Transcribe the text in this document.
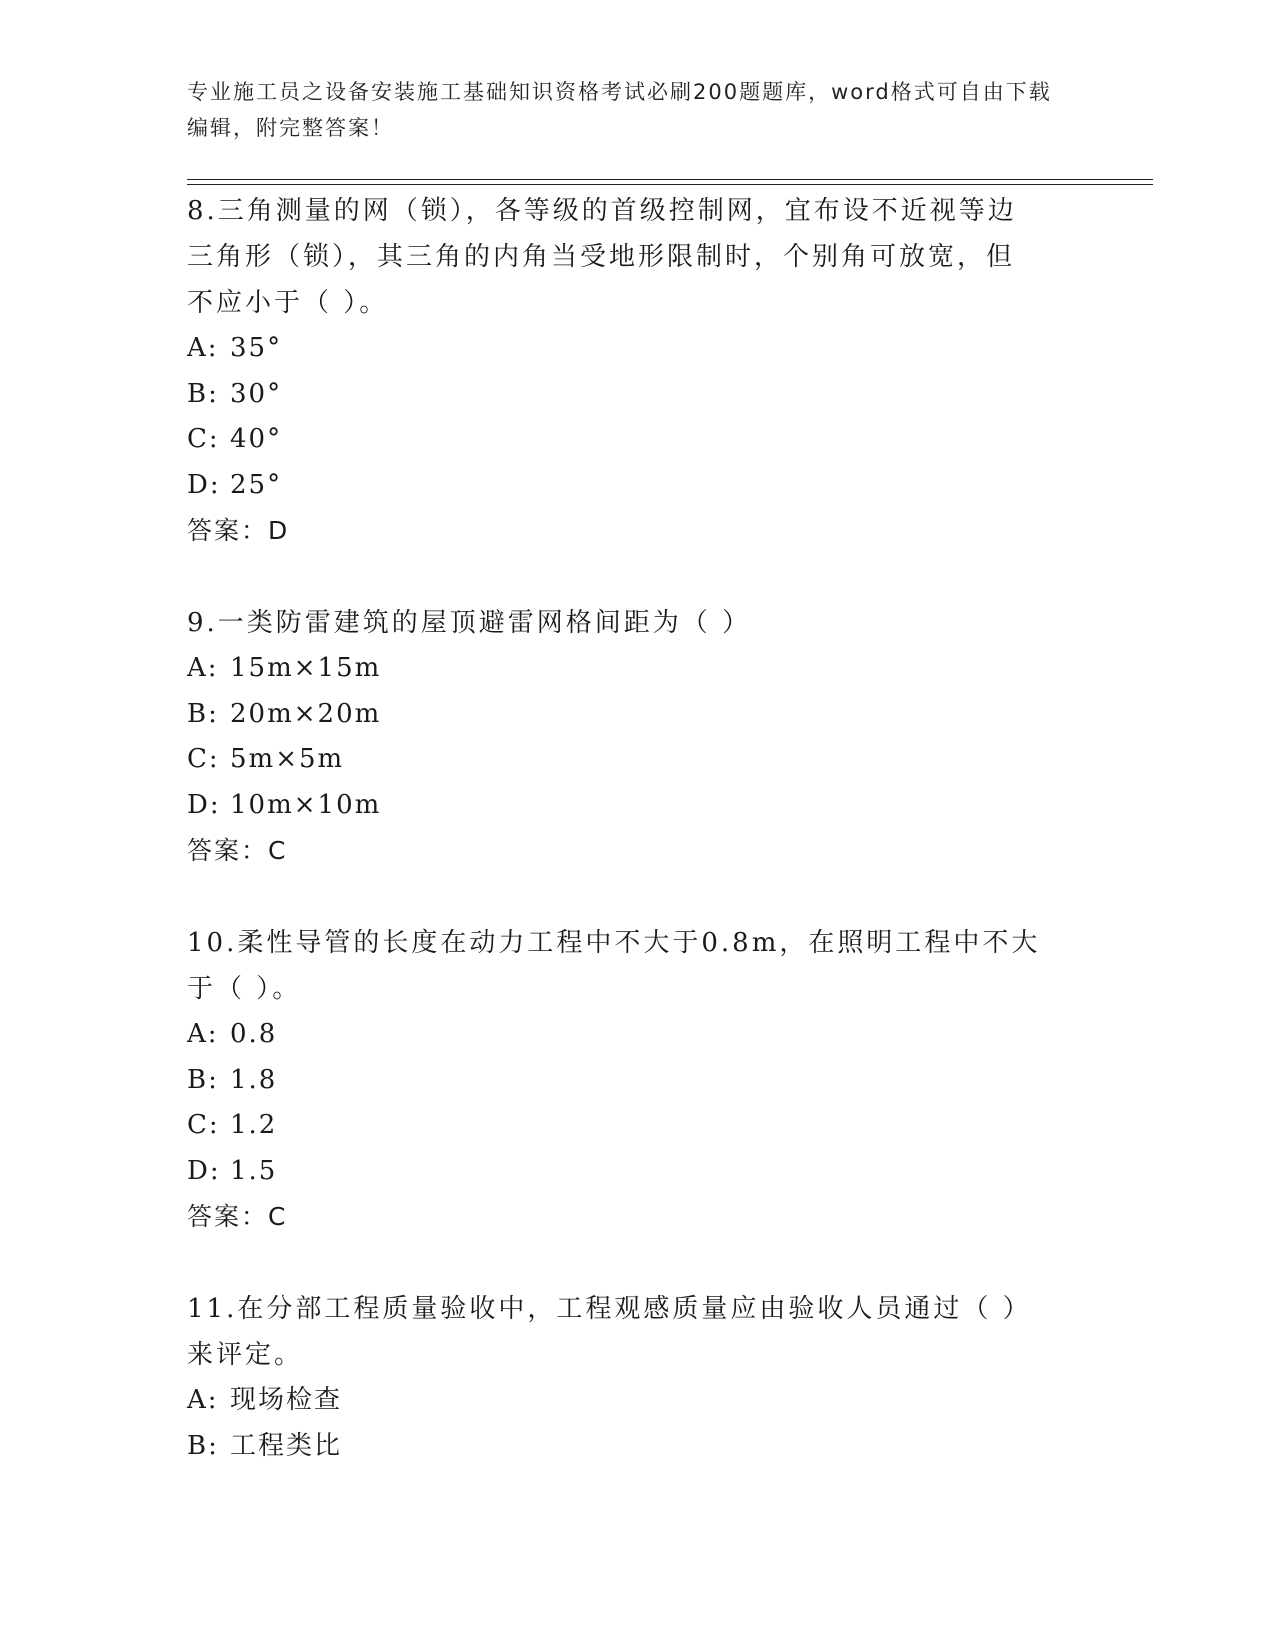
专业施工员之设备安装施工基础知识资格考试必刷200题题库，word格式可自由下载编辑，附完整答案！

8.三角测量的网（锁），各等级的首级控制网，宜布设不近视等边三角形（锁），其三角的内角当受地形限制时，个别角可放宽，但不应小于（ ）。

A: 35°

B: 30°

C: 40°

D: 25°

答案：D

9.一类防雷建筑的屋顶避雷网格间距为（ ）

A: 15m×15m

B: 20m×20m

C: 5m×5m

D: 10m×10m

答案：C

10.柔性导管的长度在动力工程中不大于0.8m，在照明工程中不大于（ ）。

A: 0.8

B: 1.8

C: 1.2

D: 1.5

答案：C

11.在分部工程质量验收中，工程观感质量应由验收人员通过（ ）来评定。

A: 现场检查

B: 工程类比
